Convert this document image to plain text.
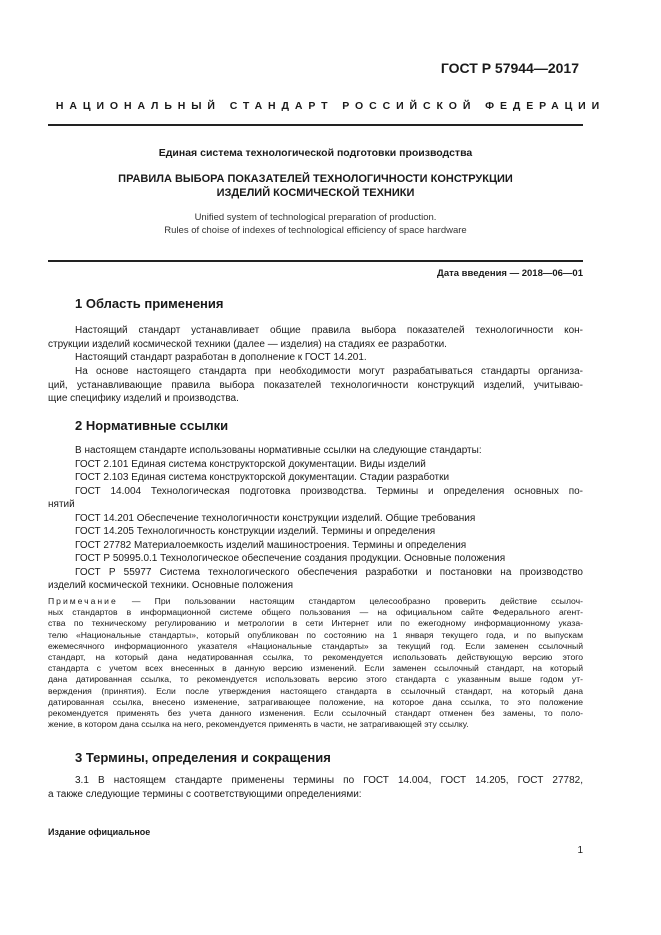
ГОСТ Р 57944—2017
НАЦИОНАЛЬНЫЙ СТАНДАРТ РОССИЙСКОЙ ФЕДЕРАЦИИ
Единая система технологической подготовки производства
ПРАВИЛА ВЫБОРА ПОКАЗАТЕЛЕЙ ТЕХНОЛОГИЧНОСТИ КОНСТРУКЦИИ
ИЗДЕЛИЙ КОСМИЧЕСКОЙ ТЕХНИКИ
Unified system of technological preparation of production.
Rules of choise of indexes of technological efficiency of space hardware
Дата введения — 2018—06—01
1 Область применения
Настоящий стандарт устанавливает общие правила выбора показателей технологичности кон-
струкции изделий космической техники (далее — изделия) на стадиях ее разработки.
Настоящий стандарт разработан в дополнение к ГОСТ 14.201.
На основе настоящего стандарта при необходимости могут разрабатываться стандарты организа-
ций, устанавливающие правила выбора показателей технологичности конструкций изделий, учитываю-
щие специфику изделий и производства.
2 Нормативные ссылки
В настоящем стандарте использованы нормативные ссылки на следующие стандарты:
ГОСТ 2.101 Единая система конструкторской документации. Виды изделий
ГОСТ 2.103 Единая система конструкторской документации. Стадии разработки
ГОСТ 14.004 Технологическая подготовка производства. Термины и определения основных по-
нятий
ГОСТ 14.201 Обеспечение технологичности конструкции изделий. Общие требования
ГОСТ 14.205 Технологичность конструкции изделий. Термины и определения
ГОСТ 27782 Материалоемкость изделий машиностроения. Термины и определения
ГОСТ Р 50995.0.1 Технологическое обеспечение создания продукции. Основные положения
ГОСТ Р 55977 Система технологического обеспечения разработки и постановки на производство
изделий космической техники. Основные положения
Примечание — При пользовании настоящим стандартом целесообразно проверить действие ссылоч-
ных стандартов в информационной системе общего пользования — на официальном сайте Федерального агент-
ства по техническому регулированию и метрологии в сети Интернет или по ежегодному информационному указа-
телю «Национальные стандарты», который опубликован по состоянию на 1 января текущего года, и по выпускам
ежемесячного информационного указателя «Национальные стандарты» за текущий год. Если заменен ссылочный
стандарт, на который дана недатированная ссылка, то рекомендуется использовать действующую версию этого
стандарта с учетом всех внесенных в данную версию изменений. Если заменен ссылочный стандарт, на который
дана датированная ссылка, то рекомендуется использовать версию этого стандарта с указанным выше годом ут-
верждения (принятия). Если после утверждения настоящего стандарта в ссылочный стандарт, на который дана
датированная ссылка, внесено изменение, затрагивающее положение, на которое дана ссылка, то это положение
рекомендуется применять без учета данного изменения. Если ссылочный стандарт отменен без замены, то поло-
жение, в котором дана ссылка на него, рекомендуется применять в части, не затрагивающей эту ссылку.
3 Термины, определения и сокращения
3.1 В настоящем стандарте применены термины по ГОСТ 14.004, ГОСТ 14.205, ГОСТ 27782,
а также следующие термины с соответствующими определениями:
Издание официальное
1
